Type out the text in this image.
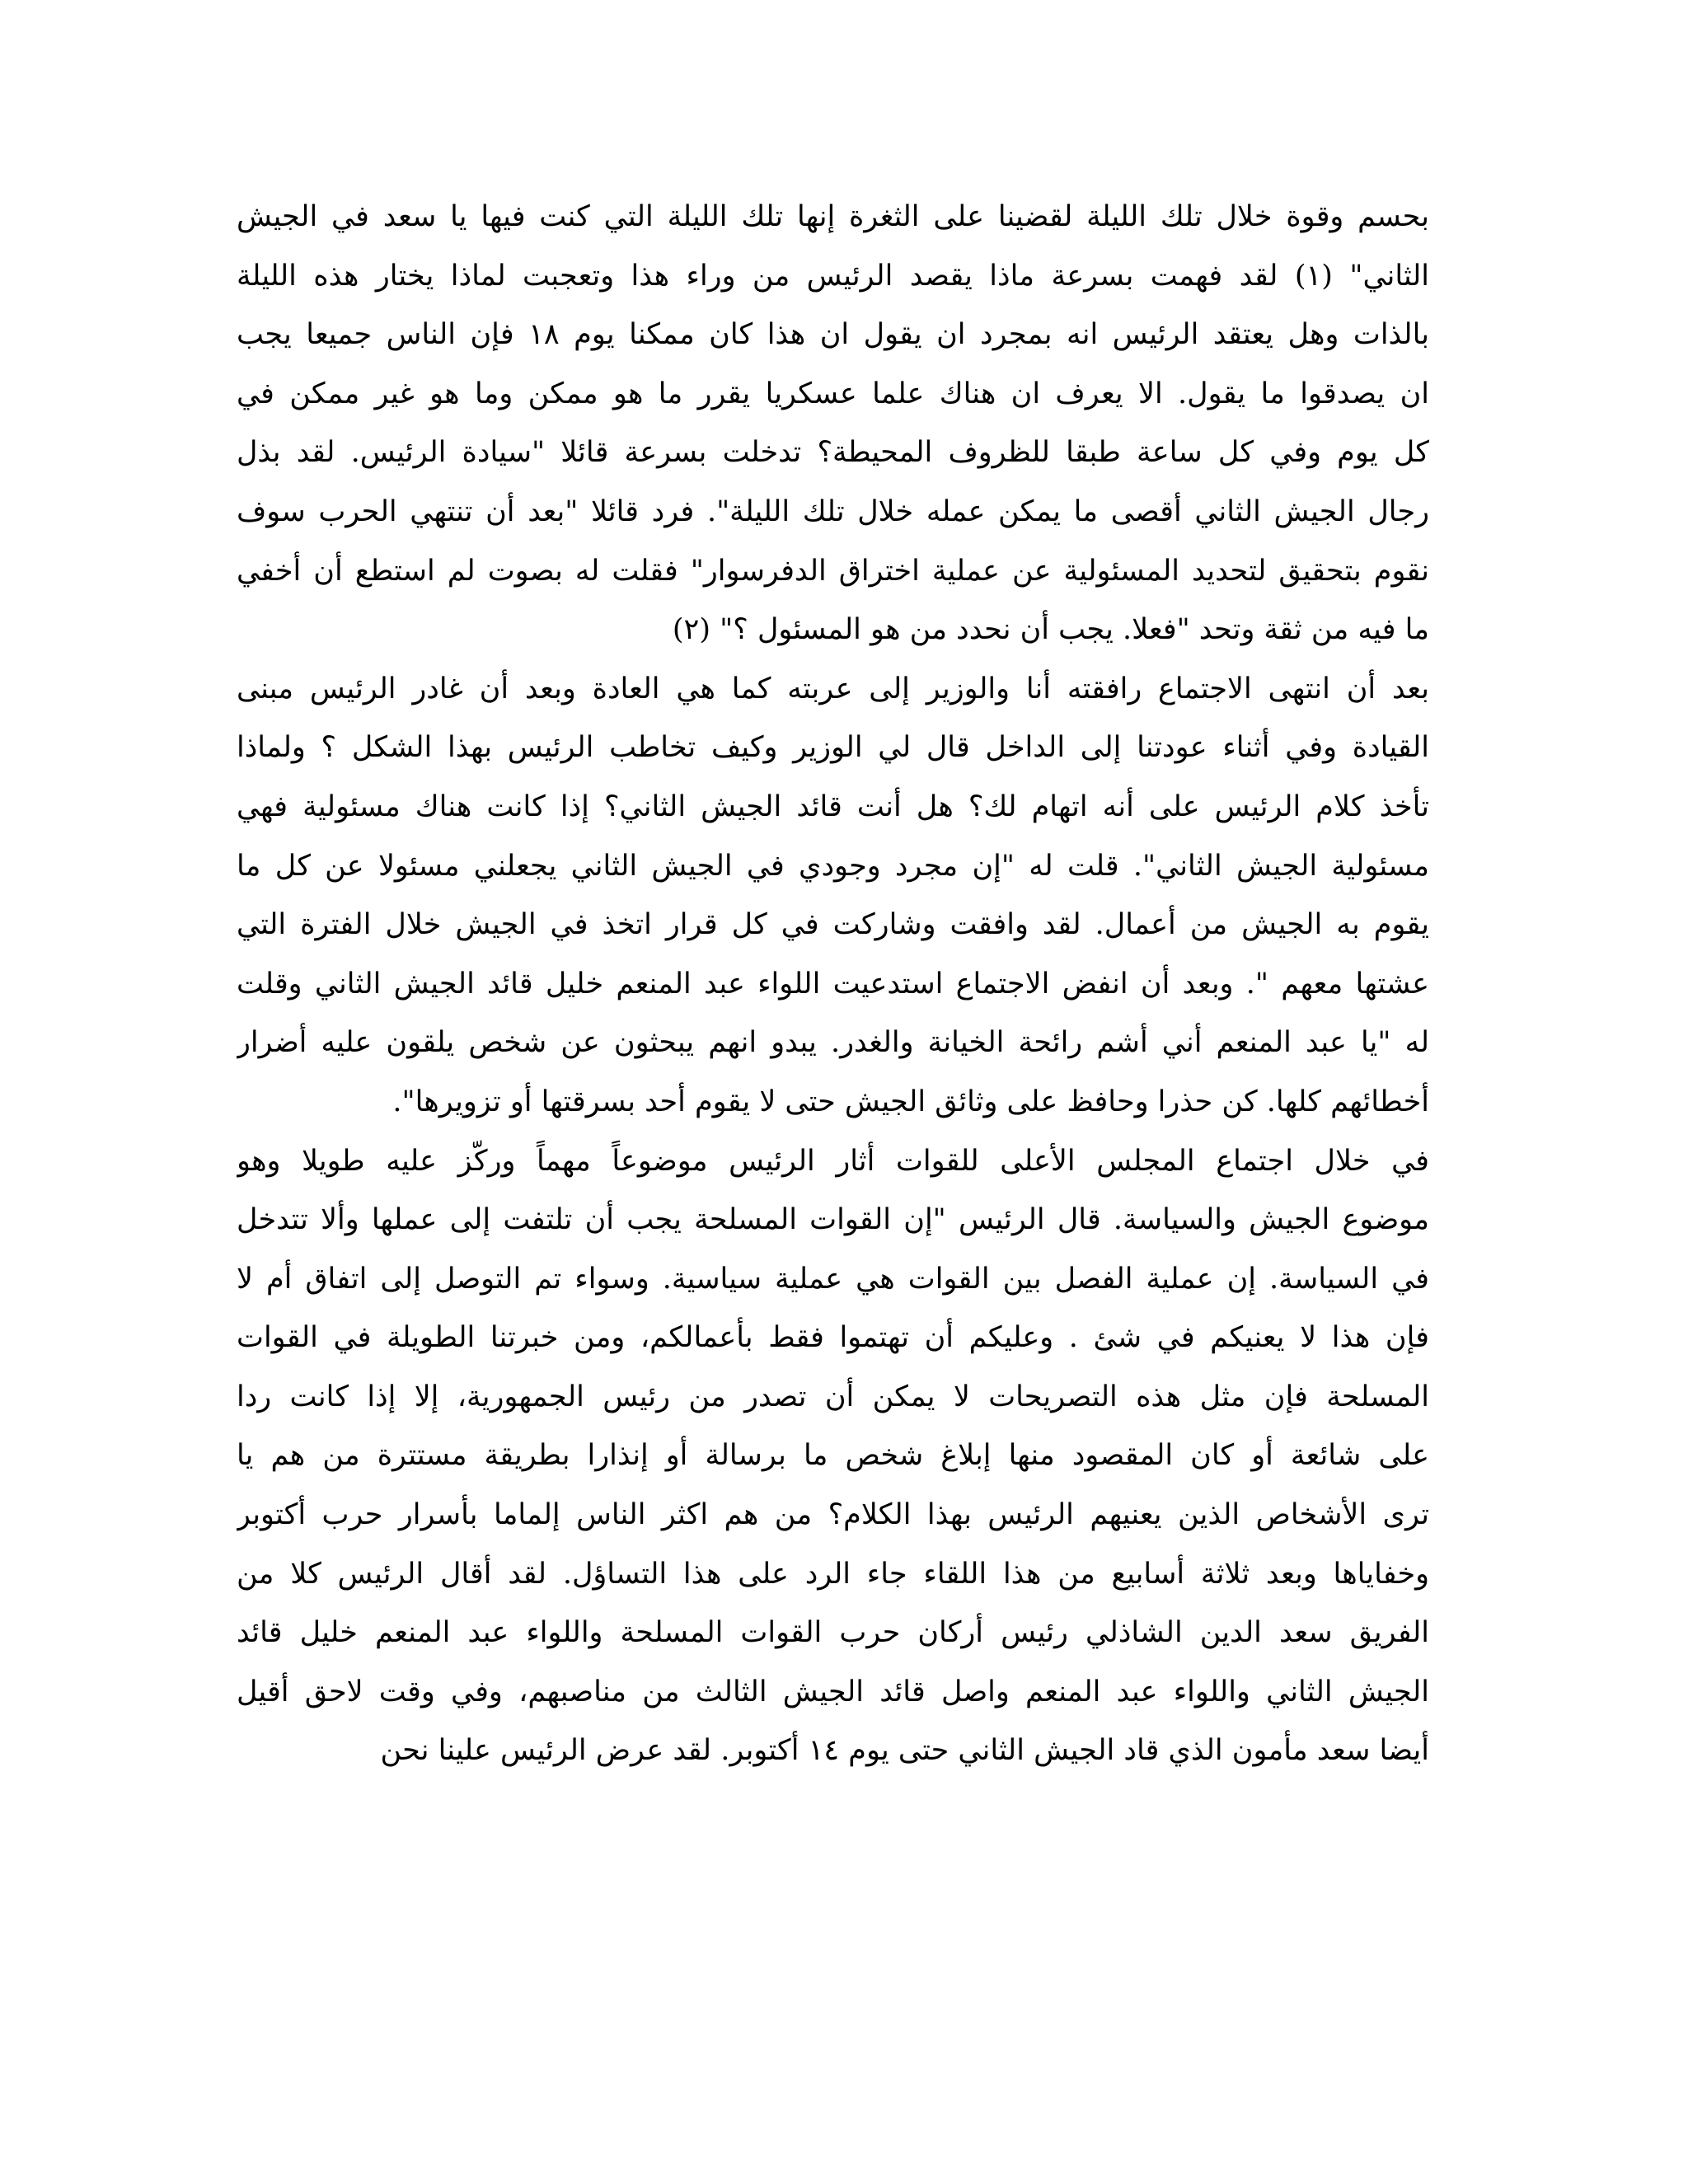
بحسم وقوة خلال تلك الليلة لقضينا على الثغرة إنها تلك الليلة التي كنت فيها يا سعد في الجيش
الثاني" (١) لقد فهمت بسرعة ماذا يقصد الرئيس من وراء هذا وتعجبت لماذا يختار هذه الليلة
بالذات وهل يعتقد الرئيس انه بمجرد ان يقول ان هذا كان ممكنا يوم ١٨ فإن الناس جميعا يجب
ان يصدقوا ما يقول. الا يعرف ان هناك علما عسكريا يقرر ما هو ممكن وما هو غير ممكن في
كل يوم وفي كل ساعة طبقا للظروف المحيطة؟ تدخلت بسرعة قائلا "سيادة الرئيس. لقد بذل
رجال الجيش الثاني أقصى ما يمكن عمله خلال تلك الليلة". فرد قائلا "بعد أن تنتهي الحرب سوف
نقوم بتحقيق لتحديد المسئولية عن عملية اختراق الدفرسوار" فقلت له بصوت لم استطع أن أخفي
ما فيه من ثقة وتحد "فعلا. يجب أن نحدد من هو المسئول ؟" (٢)
بعد أن انتهى الاجتماع رافقته أنا والوزير إلى عربته كما هي العادة وبعد أن غادر الرئيس مبنى
القيادة وفي أثناء عودتنا إلى الداخل قال لي الوزير وكيف تخاطب الرئيس بهذا الشكل ؟ ولماذا
تأخذ كلام الرئيس على أنه اتهام لك؟ هل أنت قائد الجيش الثاني؟ إذا كانت هناك مسئولية فهي
مسئولية الجيش الثاني". قلت له "إن مجرد وجودي في الجيش الثاني يجعلني مسئولا عن كل ما
يقوم به الجيش من أعمال. لقد وافقت وشاركت في كل قرار اتخذ في الجيش خلال الفترة التي
عشتها معهم ". وبعد أن انفض الاجتماع استدعيت اللواء عبد المنعم خليل قائد الجيش الثاني وقلت
له "يا عبد المنعم أني أشم رائحة الخيانة والغدر. يبدو انهم يبحثون عن شخص يلقون عليه أضرار
أخطائهم كلها. كن حذرا وحافظ على وثائق الجيش حتى لا يقوم أحد بسرقتها أو تزويرها".
في خلال اجتماع المجلس الأعلى للقوات أثار الرئيس موضوعاً مهماً وركّز عليه طويلا وهو
موضوع الجيش والسياسة. قال الرئيس "إن القوات المسلحة يجب أن تلتفت إلى عملها وألا تتدخل
في السياسة. إن عملية الفصل بين القوات هي عملية سياسية. وسواء تم التوصل إلى اتفاق أم لا
فإن هذا لا يعنيكم في شئ . وعليكم أن تهتموا فقط بأعمالكم، ومن خبرتنا الطويلة في القوات
المسلحة فإن مثل هذه التصريحات لا يمكن أن تصدر من رئيس الجمهورية، إلا إذا كانت ردا
على شائعة أو كان المقصود منها إبلاغ شخص ما برسالة أو إنذارا بطريقة مستترة من هم يا
ترى الأشخاص الذين يعنيهم الرئيس بهذا الكلام؟ من هم اكثر الناس إلماما بأسرار حرب أكتوبر
وخفاياها وبعد ثلاثة أسابيع من هذا اللقاء جاء الرد على هذا التساؤل. لقد أقال الرئيس كلا من
الفريق سعد الدين الشاذلي رئيس أركان حرب القوات المسلحة واللواء عبد المنعم خليل قائد
الجيش الثاني واللواء عبد المنعم واصل قائد الجيش الثالث من مناصبهم، وفي وقت لاحق أقيل
أيضا سعد مأمون الذي قاد الجيش الثاني حتى يوم ١٤ أكتوبر. لقد عرض الرئيس علينا نحن
